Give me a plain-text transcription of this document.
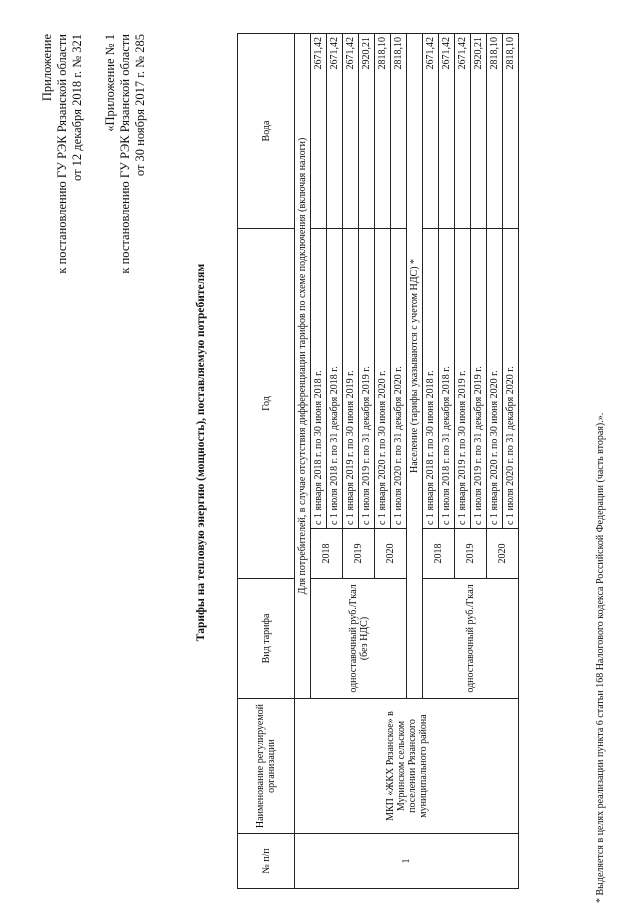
Приложение к постановлению ГУ РЭК Рязанской области от 12 декабря 2018 г. № 321 «Приложение № 1 к постановлению ГУ РЭК Рязанской области от 30 ноября 2017 г. № 285
Тарифы на тепловую энергию (мощность), поставляемую потребителям
№ п/п	Наименование регулируемой организации	Вид тарифа	Год		Вода
1	МКП «ЖКХ Рязанское» в Муринском сельском поселении Рязанского муниципального района	Для потребителей, в случае отсутствия дифференциации тарифов по схеме подключения (включая налоги)			
		одноставочный руб./Гкал (без НДС)	2018	с 1 января 2018 г. по 30 июня 2018 г.	2671,42
				с 1 июля 2018 г. по 31 декабря 2018 г.	2671,42
			2019	с 1 января 2019 г. по 30 июня 2019 г.	2671,42
				с 1 июля 2019 г. по 31 декабря 2019 г.	2920,21
			2020	с 1 января 2020 г. по 30 июня 2020 г.	2818,10
				с 1 июля 2020 г. по 31 декабря 2020 г.	2818,10
		Население (тарифы указываются с учетом НДС) *			
		одноставочный руб./Гкал	2018	с 1 января 2018 г. по 30 июня 2018 г.	2671,42
				с 1 июля 2018 г. по 31 декабря 2018 г.	2671,42
			2019	с 1 января 2019 г. по 30 июня 2019 г.	2671,42
				с 1 июля 2019 г. по 31 декабря 2019 г.	2920,21
			2020	с 1 января 2020 г. по 30 июня 2020 г.	2818,10
				с 1 июля 2020 г. по 31 декабря 2020 г.	2818,10
* Выделяется в целях реализации пункта 6 статьи 168 Налогового кодекса Российской Федерации (часть вторая).».
